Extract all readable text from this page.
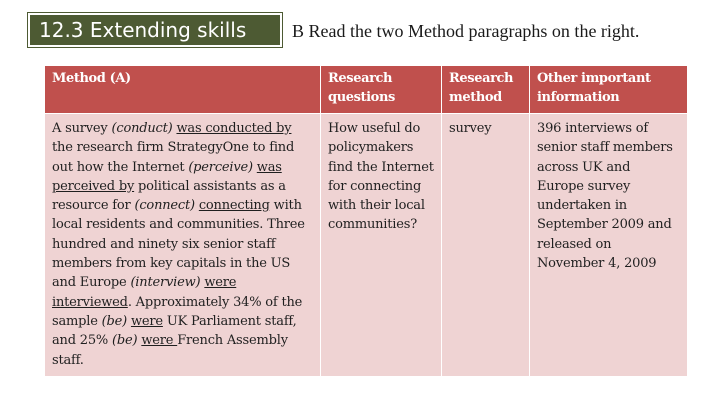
12.3 Extending skills	B Read the two Method paragraphs on the right.
Method (A)	Research questions	Research method	Other important information
A survey (conduct) was conducted by the research firm StrategyOne to find out how the Internet (perceive) was perceived by political assistants as a resource for (connect) connecting with local residents and communities. Three hundred and ninety six senior staff members from key capitals in the US and Europe (interview) were interviewed. Approximately 34% of the sample (be) were UK Parliament staff, and 25% (be) were French Assembly staff.	How useful do policymakers find the Internet for connecting with their local communities?	survey	396 interviews of senior staff members across UK and Europe survey undertaken in September 2009 and released on November 4, 2009
